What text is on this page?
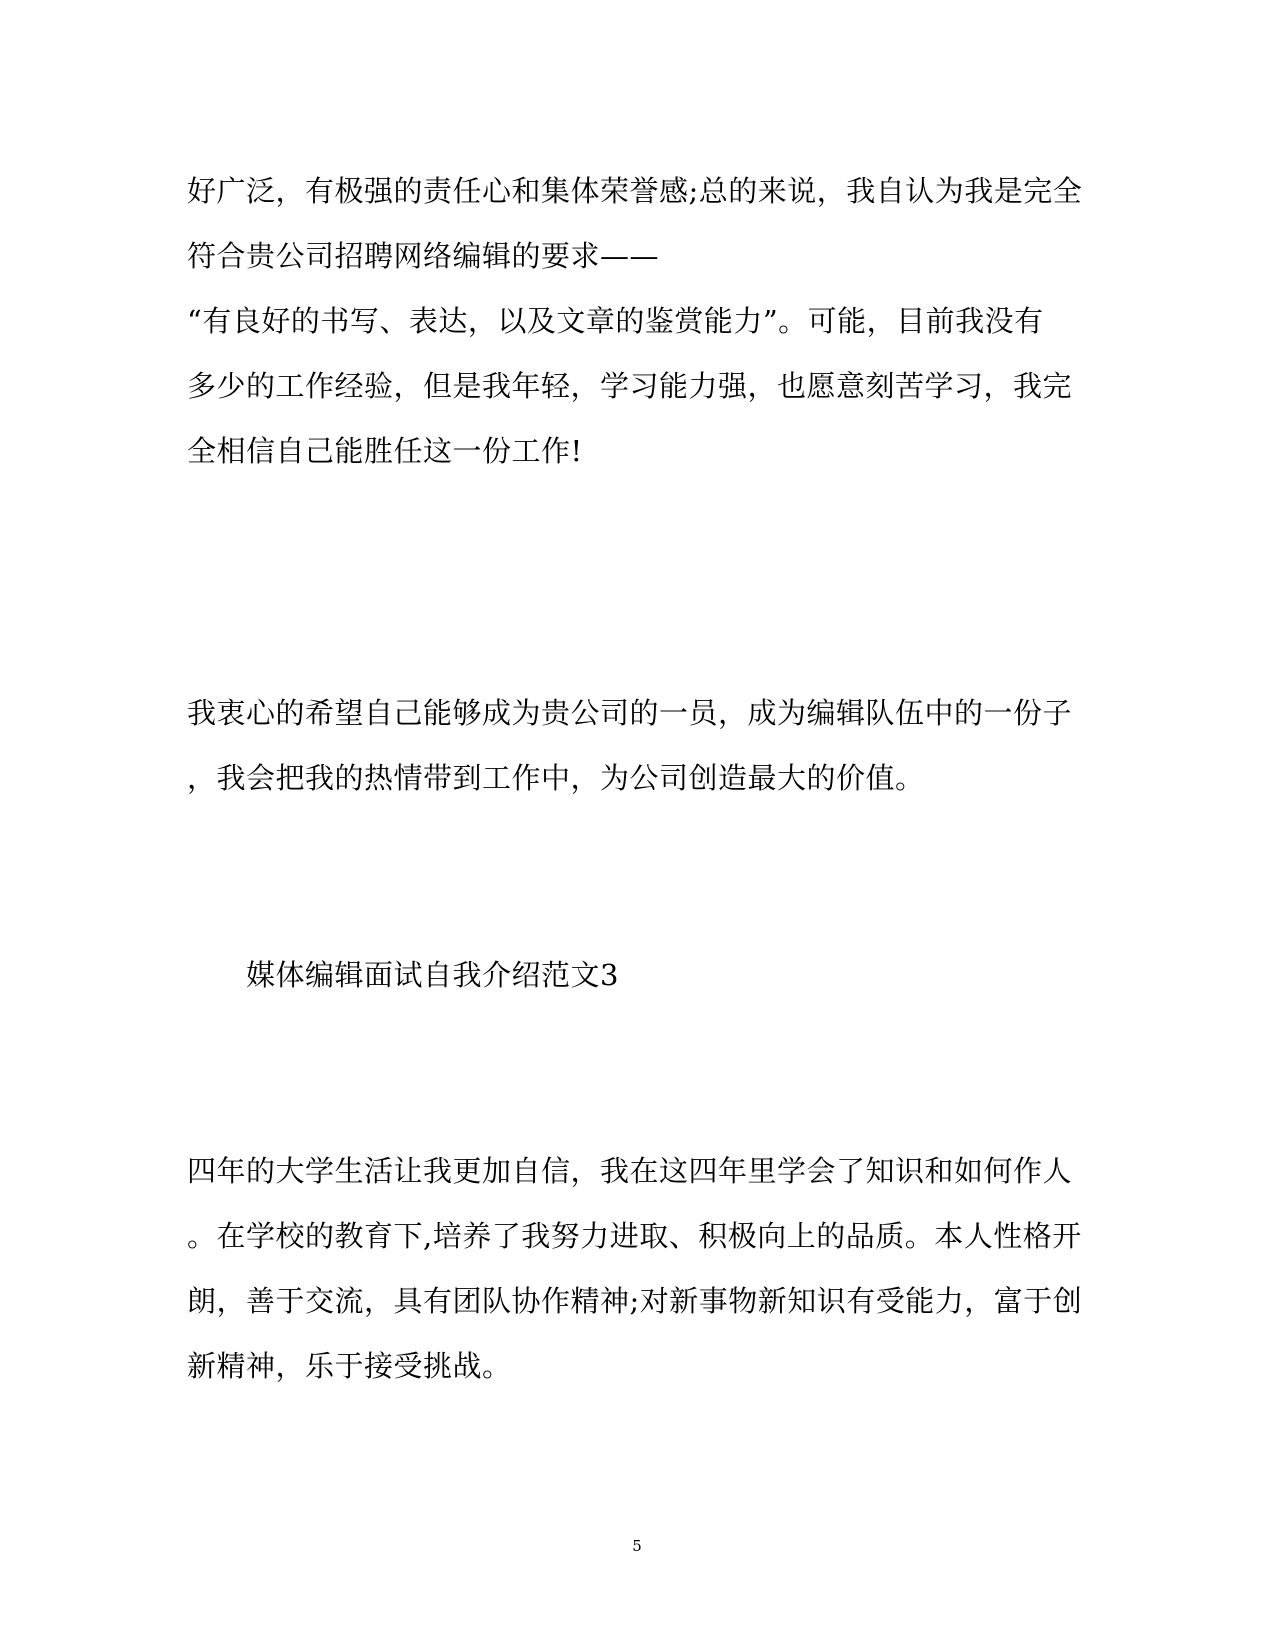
好广泛，有极强的责任心和集体荣誉感;总的来说，我自认为我是完全
符合贵公司招聘网络编辑的要求——
“有良好的书写、表达，以及文章的鉴赏能力”。可能，目前我没有
多少的工作经验，但是我年轻，学习能力强，也愿意刻苦学习，我完
全相信自己能胜任这一份工作!
我衷心的希望自己能够成为贵公司的一员，成为编辑队伍中的一份子
，我会把我的热情带到工作中，为公司创造最大的价值。
媒体编辑面试自我介绍范文3
四年的大学生活让我更加自信，我在这四年里学会了知识和如何作人
。在学校的教育下,培养了我努力进取、积极向上的品质。本人性格开
朗，善于交流，具有团队协作精神;对新事物新知识有受能力，富于创
新精神，乐于接受挑战。
5
